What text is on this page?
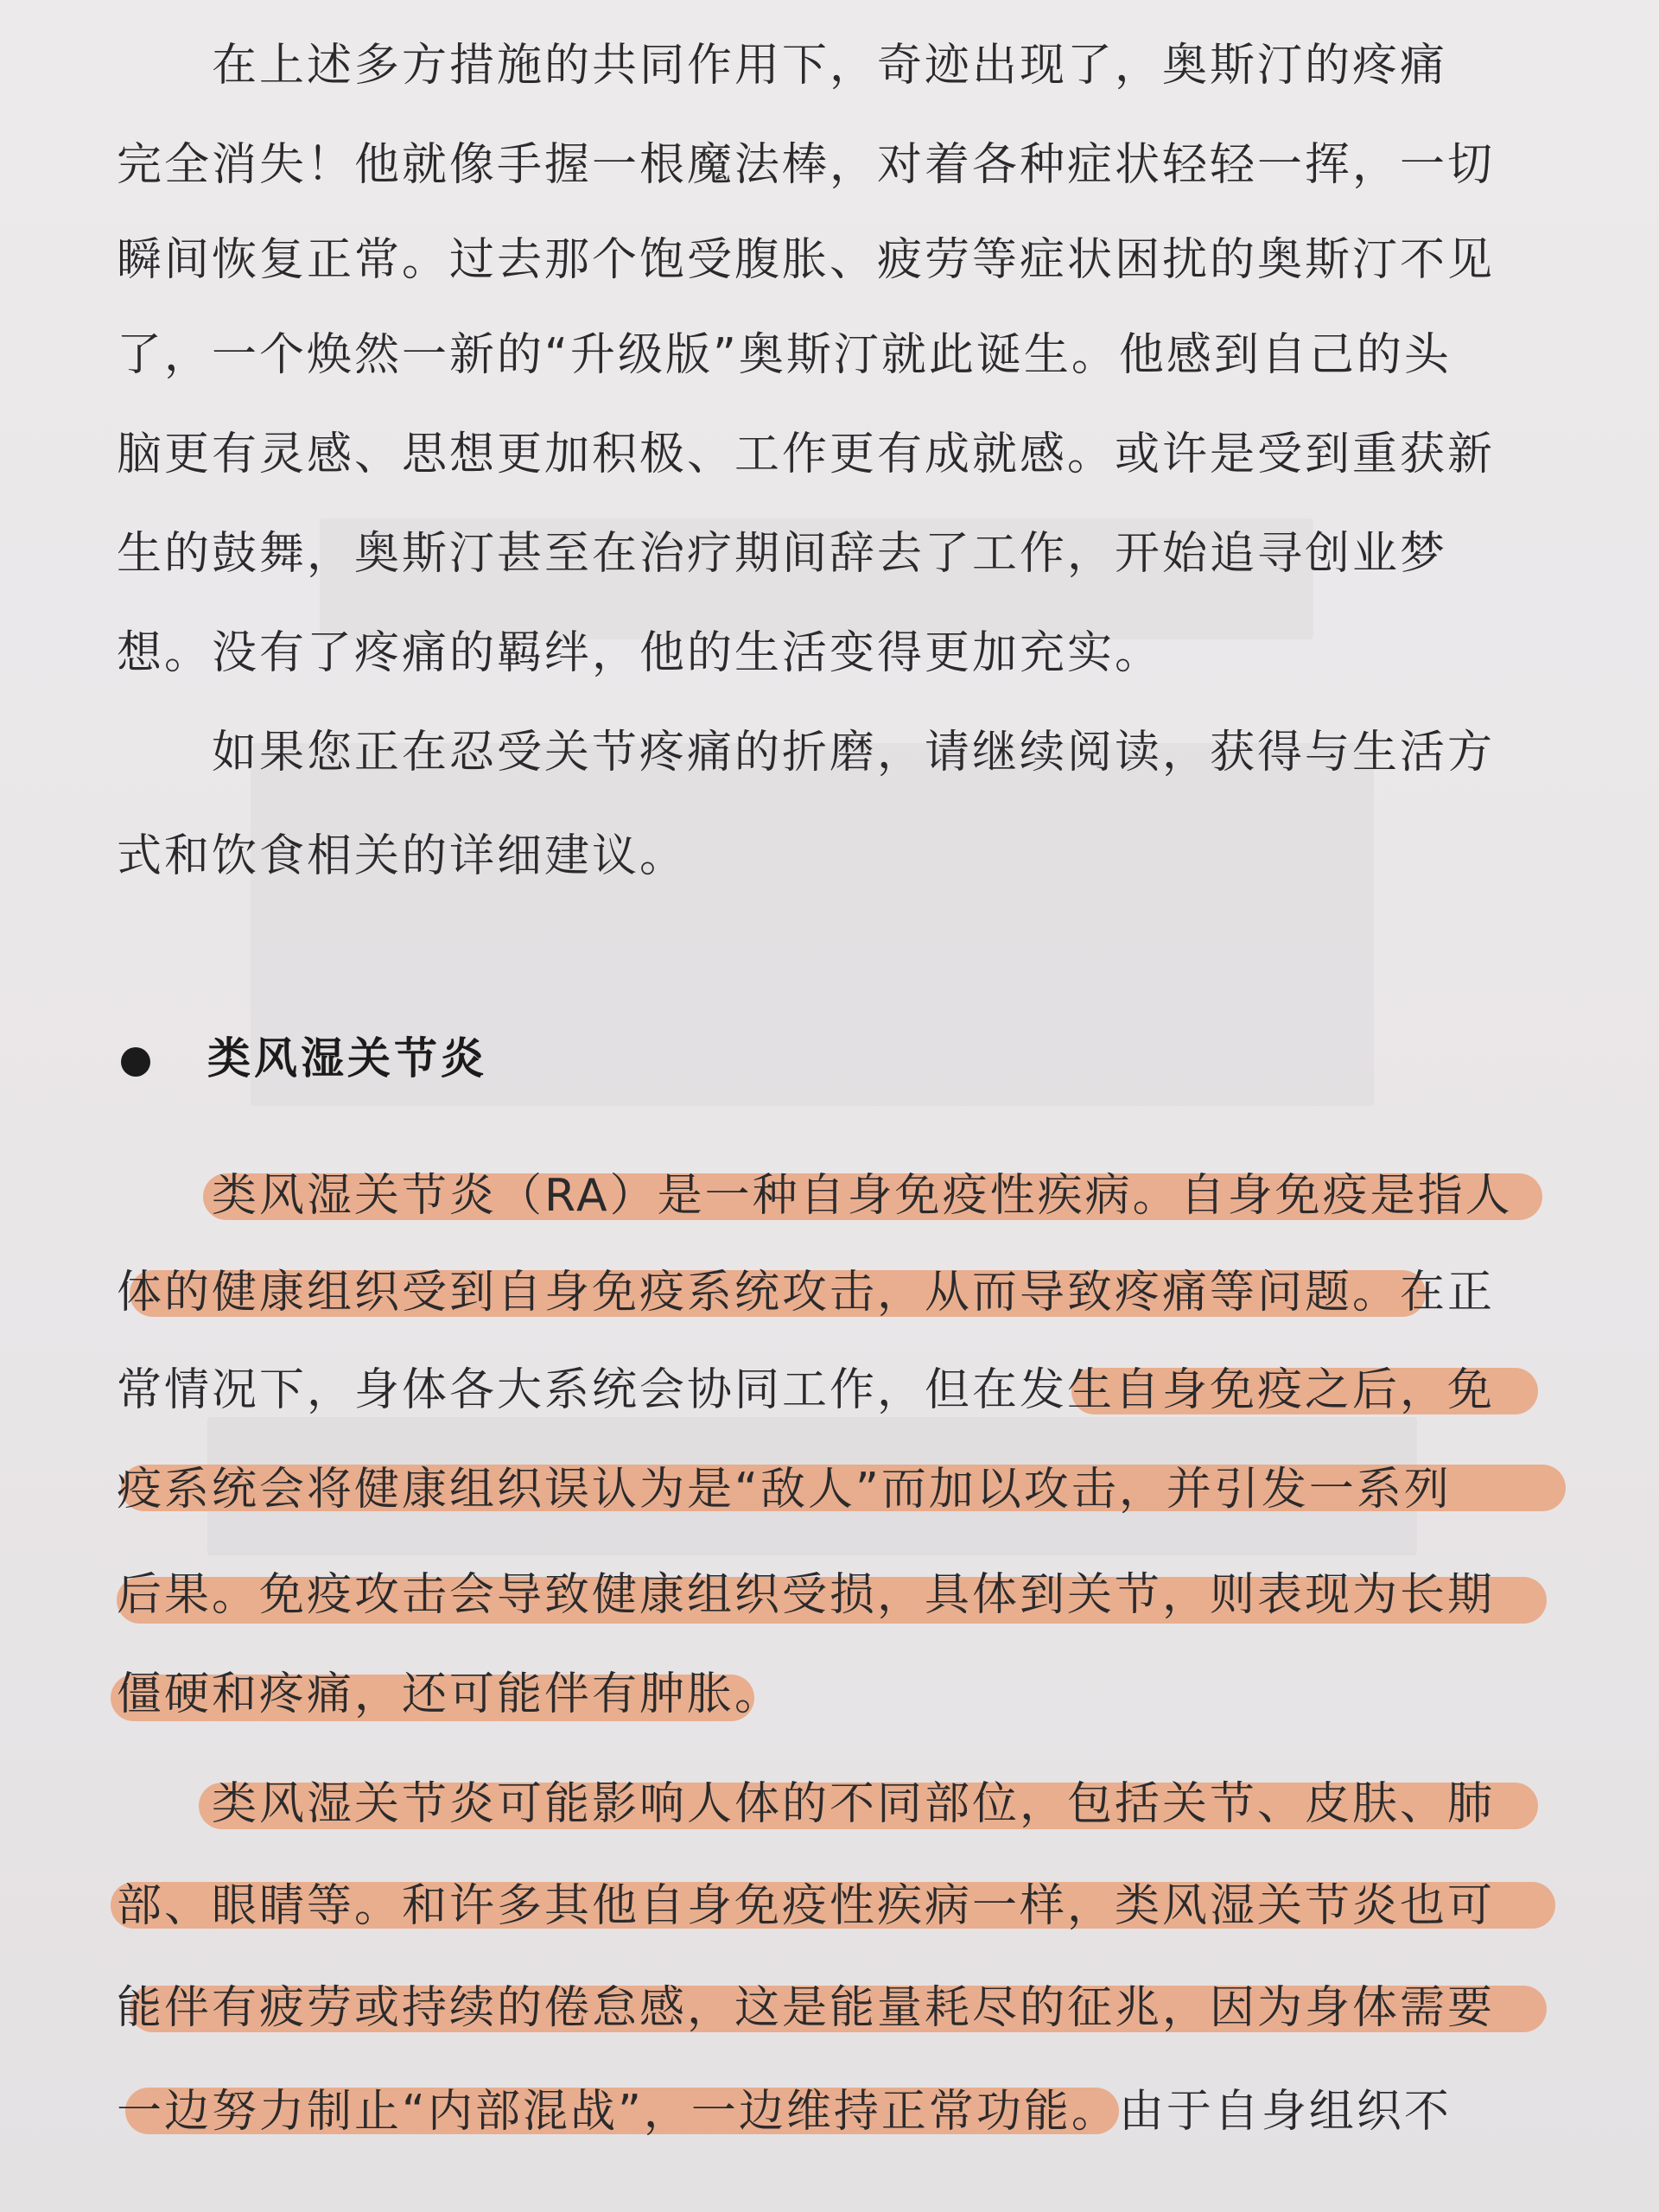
在上述多方措施的共同作用下，奇迹出现了，奥斯汀的疼痛
完全消失！他就像手握一根魔法棒，对着各种症状轻轻一挥，一切
瞬间恢复正常。过去那个饱受腹胀、疲劳等症状困扰的奥斯汀不见
了，一个焕然一新的“升级版”奥斯汀就此诞生。他感到自己的头
脑更有灵感、思想更加积极、工作更有成就感。或许是受到重获新
生的鼓舞，奥斯汀甚至在治疗期间辞去了工作，开始追寻创业梦
想。没有了疼痛的羁绊，他的生活变得更加充实。
如果您正在忍受关节疼痛的折磨，请继续阅读，获得与生活方
式和饮食相关的详细建议。
类风湿关节炎
类风湿关节炎（RA）是一种自身免疫性疾病。自身免疫是指人
体的健康组织受到自身免疫系统攻击，从而导致疼痛等问题。在正
常情况下，身体各大系统会协同工作，但在发生自身免疫之后，免
疫系统会将健康组织误认为是“敌人”而加以攻击，并引发一系列
后果。免疫攻击会导致健康组织受损，具体到关节，则表现为长期
僵硬和疼痛，还可能伴有肿胀。
类风湿关节炎可能影响人体的不同部位，包括关节、皮肤、肺
部、眼睛等。和许多其他自身免疫性疾病一样，类风湿关节炎也可
能伴有疲劳或持续的倦怠感，这是能量耗尽的征兆，因为身体需要
一边努力制止“内部混战”，一边维持正常功能。由于自身组织不
